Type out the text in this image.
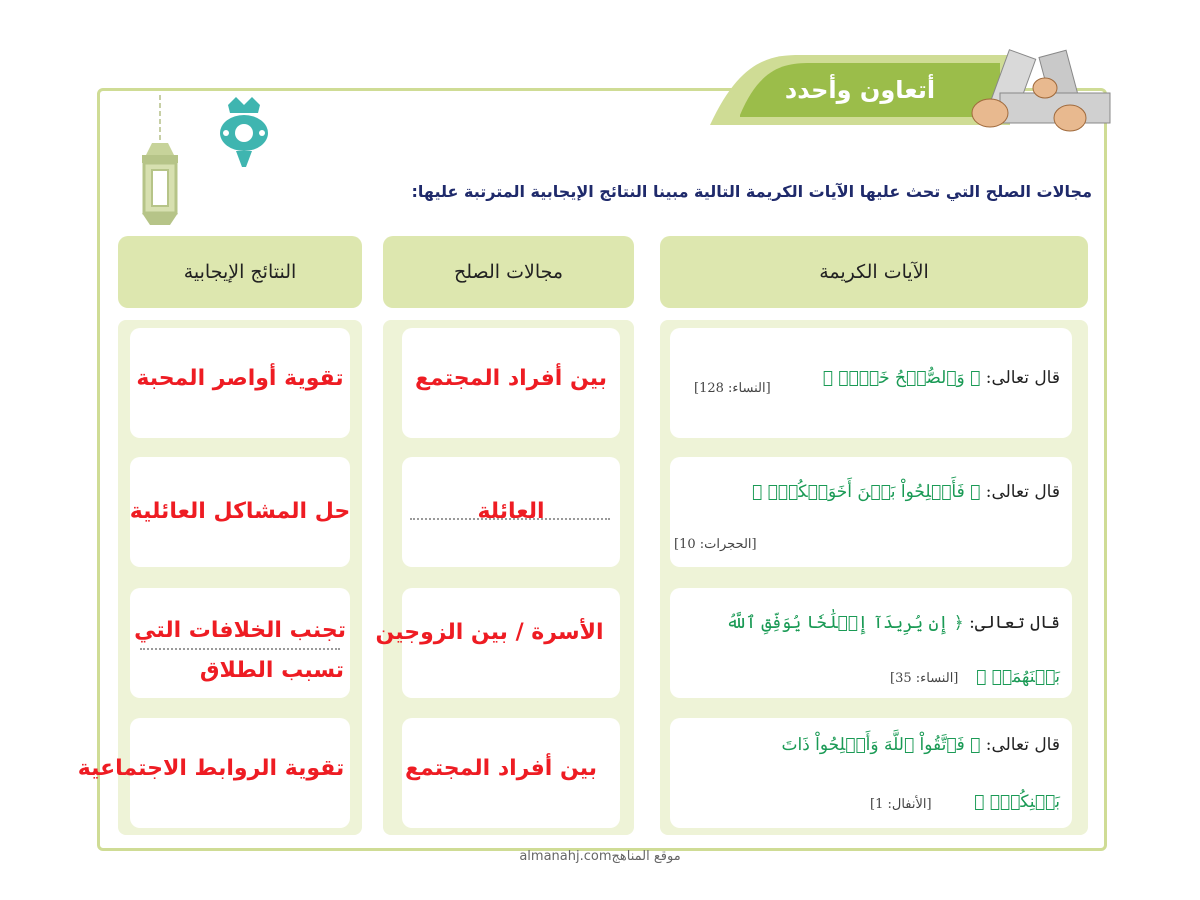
أتعاون وأحدد
مجالات الصلح التي تحث عليها الآيات الكريمة التالية مبينا النتائج الإيجابية المترتبة عليها:
الآيات الكريمة
مجالات الصلح
النتائج الإيجابية
قال تعالى: ﴿ وَٱلصُّلۡحُ خَيۡرٞ ﴾
[النساء: 128]
بين أفراد المجتمع
تقوية أواصر المحبة
قال تعالى: ﴿ فَأَصۡلِحُواْ بَيۡنَ أَخَوَيۡكُمۡۚ ﴾
[الحجرات: 10]
العائلة
حل المشاكل العائلية
قال تعالى: ﴿ إِن يُرِيدَآ إِصۡلَٰحٗا يُوَفِّقِ ٱللَّهُ
بَيۡنَهُمَآۗ ﴾
[النساء: 35]
الأسرة / بين الزوجين
تجنب الخلافات التي
تسبب الطلاق
قال تعالى: ﴿ فَٱتَّقُواْ ٱللَّهَ وَأَصۡلِحُواْ ذَاتَ
بَيۡنِكُمۡۖ ﴾
[الأنفال: 1]
بين أفراد المجتمع
تقوية الروابط الاجتماعية
almanahj.comموقع المناهج
